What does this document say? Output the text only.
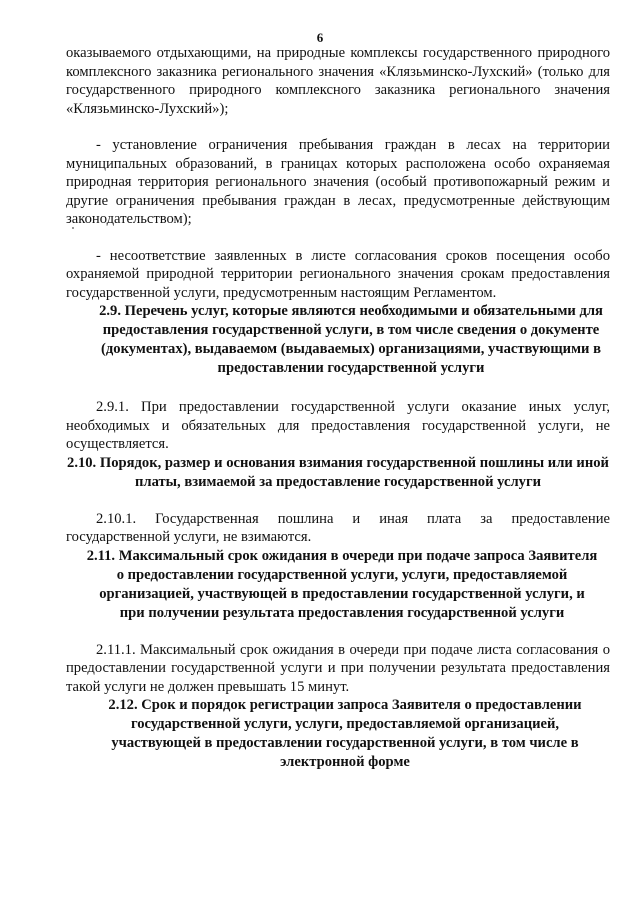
6

оказываемого отдыхающими, на природные комплексы государственного природного комплексного заказника регионального значения «Клязьминско-Лухский» (только для государственного природного комплексного заказника регионального значения «Клязьминско-Лухский»);

- установление ограничения пребывания граждан в лесах на территории муниципальных образований, в границах которых расположена особо охраняемая природная территория регионального значения (особый противопожарный режим и другие ограничения пребывания граждан в лесах, предусмотренные действующим законодательством);

- несоответствие заявленных в листе согласования сроков посещения особо охраняемой природной территории регионального значения срокам предоставления государственной услуги, предусмотренным настоящим Регламентом.

2.9. Перечень услуг, которые являются необходимыми и обязательными для предоставления государственной услуги, в том числе сведения о документе (документах), выдаваемом (выдаваемых) организациями, участвующими в предоставлении государственной услуги

2.9.1. При предоставлении государственной услуги оказание иных услуг, необходимых и обязательных для предоставления государственной услуги, не осуществляется.

2.10. Порядок, размер и основания взимания государственной пошлины или иной платы, взимаемой за предоставление государственной услуги

2.10.1. Государственная пошлина и иная плата за предоставление государственной услуги, не взимаются.

2.11. Максимальный срок ожидания в очереди при подаче запроса Заявителя о предоставлении государственной услуги, услуги, предоставляемой организацией, участвующей в предоставлении государственной услуги, и при получении результата предоставления государственной услуги

2.11.1. Максимальный срок ожидания в очереди при подаче листа согласования о предоставлении государственной услуги и при получении результата предоставления такой услуги не должен превышать 15 минут.

2.12. Срок и порядок регистрации запроса Заявителя о предоставлении государственной услуги, услуги, предоставляемой организацией, участвующей в предоставлении государственной услуги, в том числе в электронной форме
